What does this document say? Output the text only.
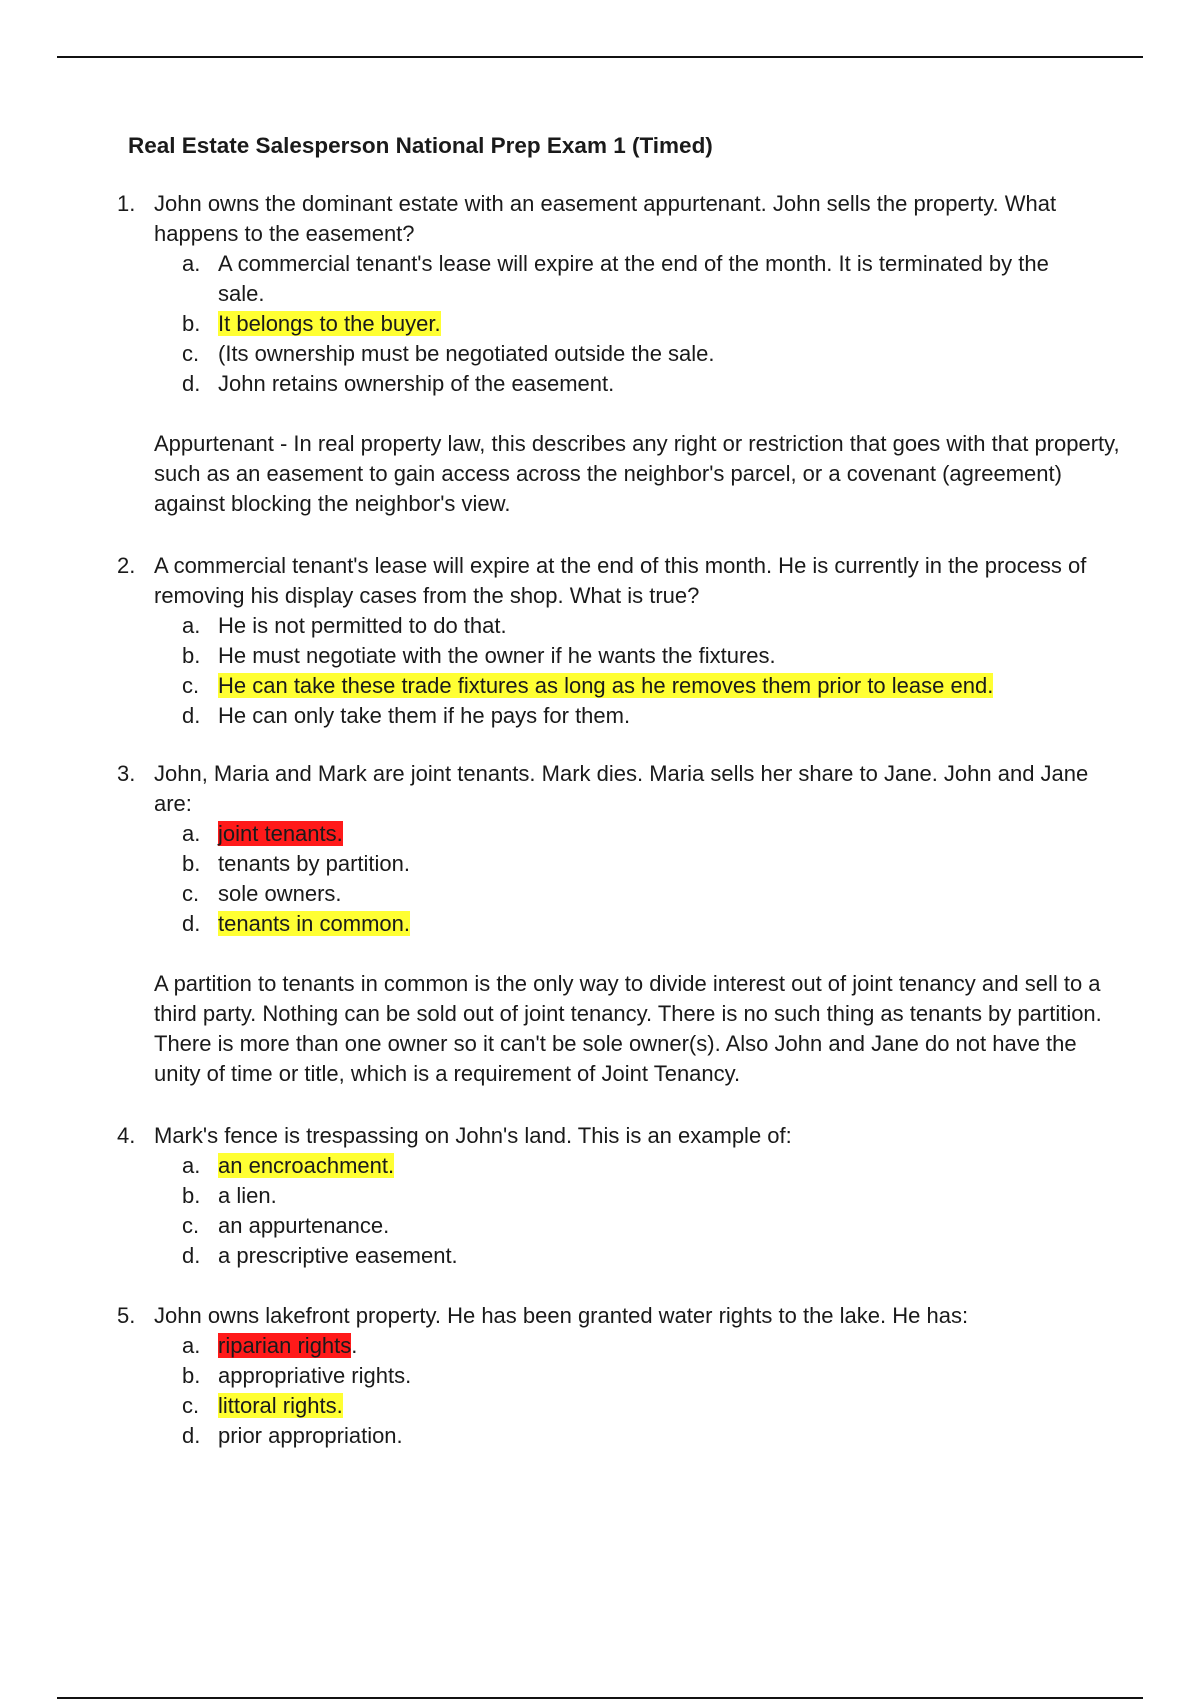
Real Estate Salesperson National Prep Exam 1 (Timed)
1. John owns the dominant estate with an easement appurtenant. John sells the property. What happens to the easement?
a. A commercial tenant's lease will expire at the end of the month. It is terminated by the sale.
b. It belongs to the buyer.
c. (Its ownership must be negotiated outside the sale.
d. John retains ownership of the easement.
Appurtenant - In real property law, this describes any right or restriction that goes with that property, such as an easement to gain access across the neighbor's parcel, or a covenant (agreement) against blocking the neighbor's view.
2. A commercial tenant's lease will expire at the end of this month. He is currently in the process of removing his display cases from the shop. What is true?
a. He is not permitted to do that.
b. He must negotiate with the owner if he wants the fixtures.
c. He can take these trade fixtures as long as he removes them prior to lease end.
d. He can only take them if he pays for them.
3. John, Maria and Mark are joint tenants. Mark dies. Maria sells her share to Jane. John and Jane are:
a. joint tenants.
b. tenants by partition.
c. sole owners.
d. tenants in common.
A partition to tenants in common is the only way to divide interest out of joint tenancy and sell to a third party. Nothing can be sold out of joint tenancy. There is no such thing as tenants by partition. There is more than one owner so it can't be sole owner(s). Also John and Jane do not have the unity of time or title, which is a requirement of Joint Tenancy.
4. Mark's fence is trespassing on John's land. This is an example of:
a. an encroachment.
b. a lien.
c. an appurtenance.
d. a prescriptive easement.
5. John owns lakefront property. He has been granted water rights to the lake. He has:
a. riparian rights.
b. appropriative rights.
c. littoral rights.
d. prior appropriation.
